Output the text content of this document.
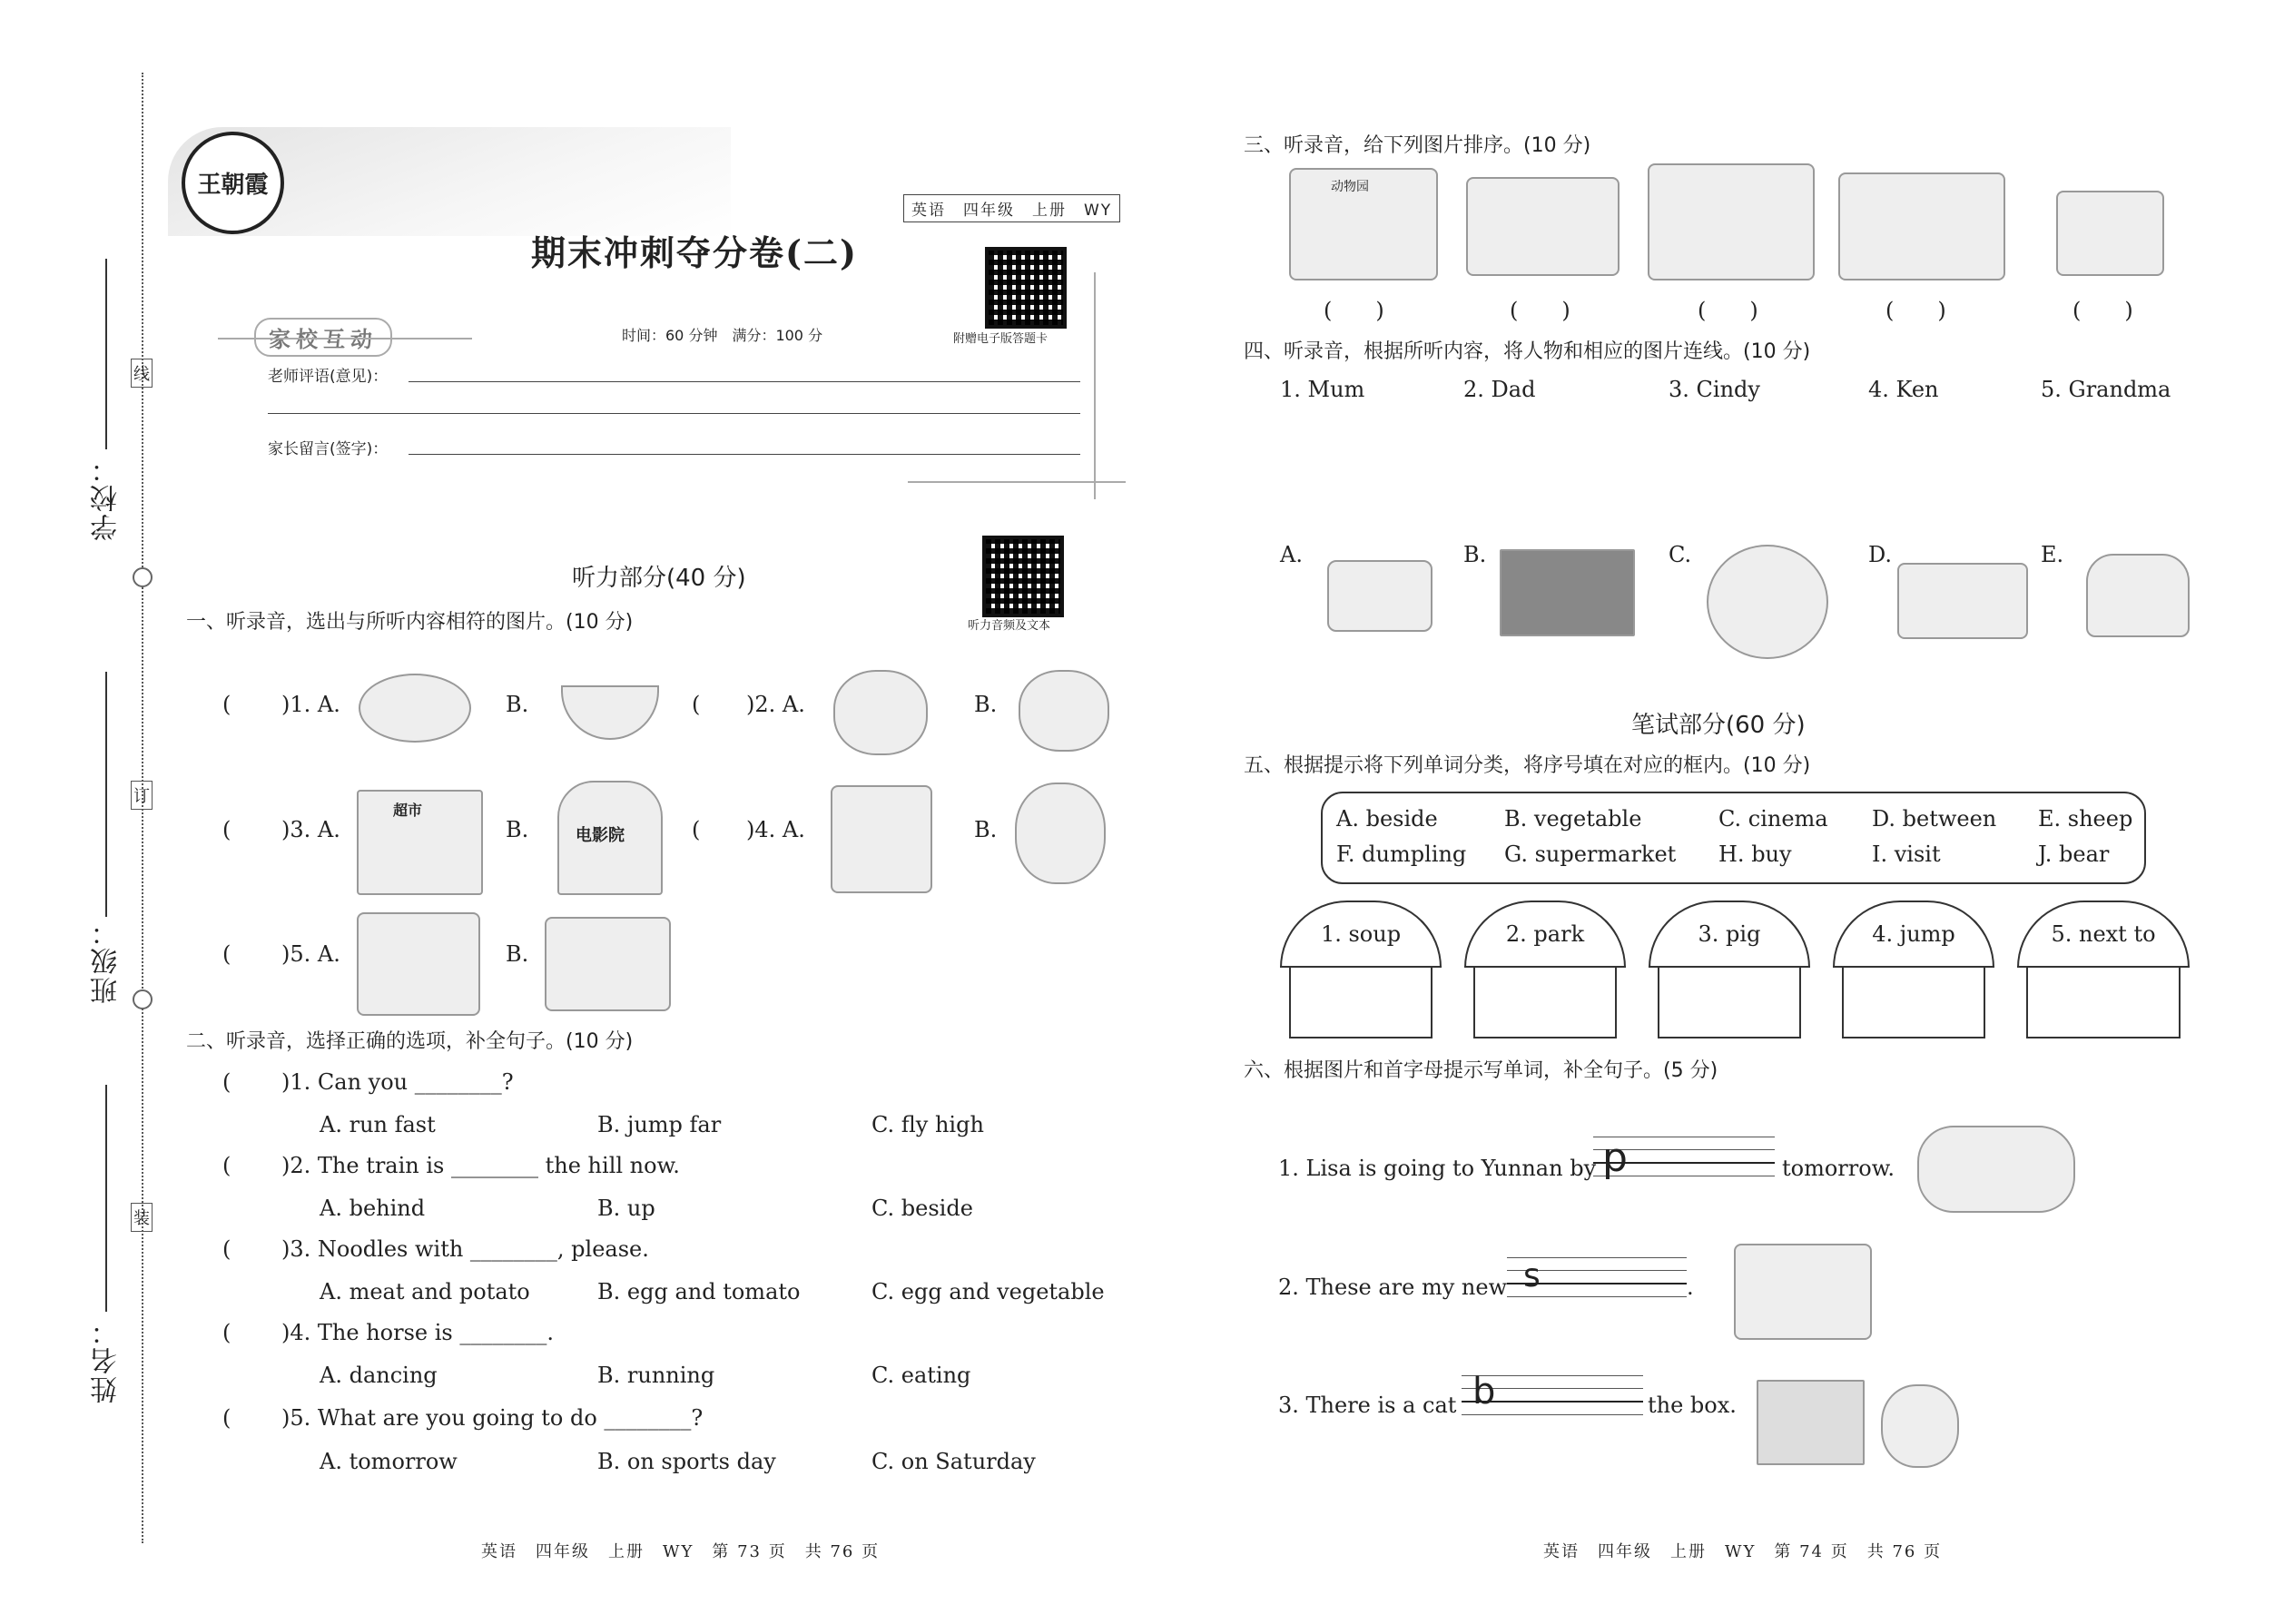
学校：
班级：
姓名：
线
订
装
王朝霞
英语　四年级　上册　WY
期末冲刺夺分卷(二)
附赠电子版答题卡
家校互动	时间：60 分钟　满分：100 分
老师评语(意见)：
家长留言(签字)：
听力部分(40 分)
听力音频及文本
一、听录音，选出与所听内容相符的图片。(10 分)
( )1. A.	B.	( )2. A.	B.
( )3. A.
超市
B.	电影院	( )4. A.	B.
( )5. A.	B.
二、听录音，选择正确的选项，补全句子。(10 分)
( )1. Can you ________?
A. run fast	B. jump far	C. fly high
( )2. The train is ________ the hill now.
A. behind	B. up	C. beside
( )3. Noodles with ________, please.
A. meat and potato	B. egg and tomato	C. egg and vegetable
( )4. The horse is ________.
A. dancing	B. running	C. eating
( )5. What are you going to do ________?
A. tomorrow	B. on sports day	C. on Saturday
英语　四年级　上册　WY　第 73 页　共 76 页
三、听录音，给下列图片排序。(10 分)
动物园
(　　)	(　　)	(　　)	(　　)	(　　)
四、听录音，根据所听内容，将人物和相应的图片连线。(10 分)
1. Mum	2. Dad	3. Cindy	4. Ken	5. Grandma
A.	B.	C.	D.	E.
笔试部分(60 分)
五、根据提示将下列单词分类，将序号填在对应的框内。(10 分)
A. beside	B. vegetable	C. cinema D. between E. sheep
F. dumpling G. supermarket H. buy	I. visit	J. bear
1. soup	2. park	3. pig	4. jump	5. next to
六、根据图片和首字母提示写单词，补全句子。(5 分)
1. Lisa is going to Yunnan by p	tomorrow.
2. These are my new s	.
3. There is a cat b	the box.
英语　四年级　上册　WY　第 74 页　共 76 页
